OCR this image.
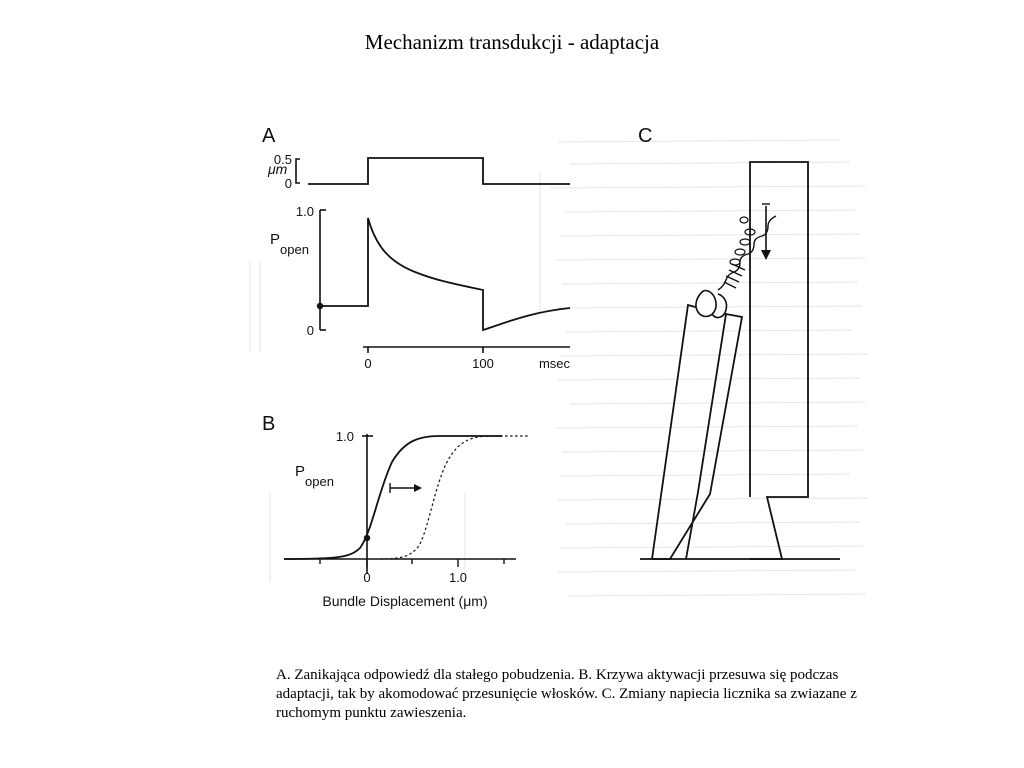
Mechanizm transdukcji - adaptacja
A
μm
0.5
0
P
open
1.0
0
0	100	msec
B
P
open
1.0
0	1.0
Bundle Displacement (μm)
C
A. Zanikająca odpowiedź dla stałego pobudzenia. B. Krzywa aktywacji przesuwa się podczas adaptacji, tak by akomodować przesunięcie włosków. C. Zmiany napiecia licznika sa zwiazane z ruchomym punktu zawieszenia.
